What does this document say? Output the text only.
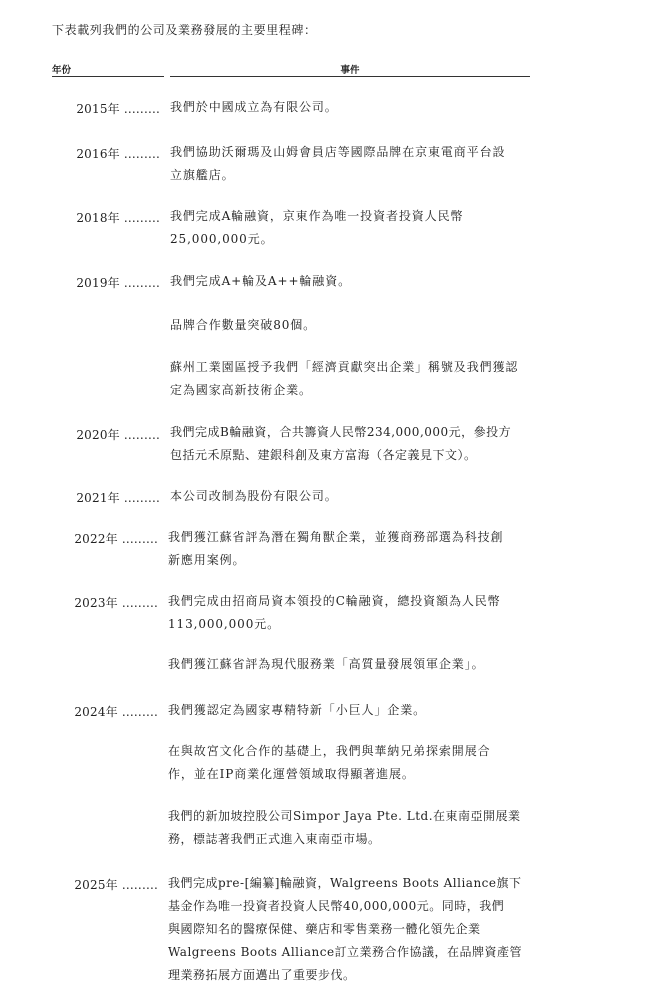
下表載列我們的公司及業務發展的主要里程碑：
年份	事件
2015年 ......... 我們於中國成立為有限公司。
2016年 ......... 我們協助沃爾瑪及山姆會員店等國際品牌在京東電商平台設
立旗艦店。
2018年 ......... 我們完成A輪融資，京東作為唯一投資者投資人民幣
25,000,000元。
2019年 ......... 我們完成A+輪及A++輪融資。
品牌合作數量突破80個。
蘇州工業園區授予我們「經濟貢獻突出企業」稱號及我們獲認
定為國家高新技術企業。
2020年 ......... 我們完成B輪融資，合共籌資人民幣234,000,000元，參投方
包括元禾原點、建銀科創及東方富海（各定義見下文）。
2021年 ......... 本公司改制為股份有限公司。
2022年 ......... 我們獲江蘇省評為潛在獨角獸企業，並獲商務部選為科技創
新應用案例。
2023年 ......... 我們完成由招商局資本領投的C輪融資，總投資額為人民幣
113,000,000元。
我們獲江蘇省評為現代服務業「高質量發展領軍企業」。
2024年 ......... 我們獲認定為國家專精特新「小巨人」企業。
在與故宮文化合作的基礎上，我們與華納兄弟探索開展合
作，並在IP商業化運營領域取得顯著進展。
我們的新加坡控股公司Simpor Jaya Pte. Ltd.在東南亞開展業
務，標誌著我們正式進入東南亞市場。
2025年 ......... 我們完成pre-[編纂]輪融資，Walgreens Boots Alliance旗下
基金作為唯一投資者投資人民幣40,000,000元。同時，我們
與國際知名的醫療保健、藥店和零售業務一體化領先企業
Walgreens Boots Alliance訂立業務合作協議，在品牌資產管
理業務拓展方面邁出了重要步伐。
